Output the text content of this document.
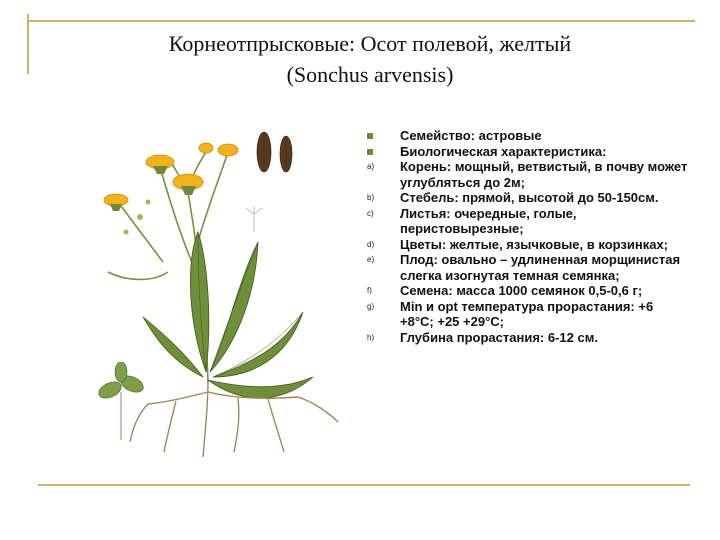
Корнеотпрысковые: Осот полевой, желтый
(Sonchus arvensis)
Семейство: астровые
Биологическая характеристика:
a)	Корень: мощный, ветвистый, в почву может углубляться до 2м;
b)	Стебель: прямой, высотой до 50-150см.
c)	Листья: очередные, голые, перистовырезные;
d)	Цветы: желтые, язычковые, в корзинках;
e)	Плод: овально – удлиненная морщинистая слегка изогнутая темная семянка;
f)	Семена: масса 1000 семянок 0,5-0,6 г;
g)	Min и opt температура прорастания: +6 +8°С; +25 +29°С;
h)	Глубина прорастания: 6-12 см.
